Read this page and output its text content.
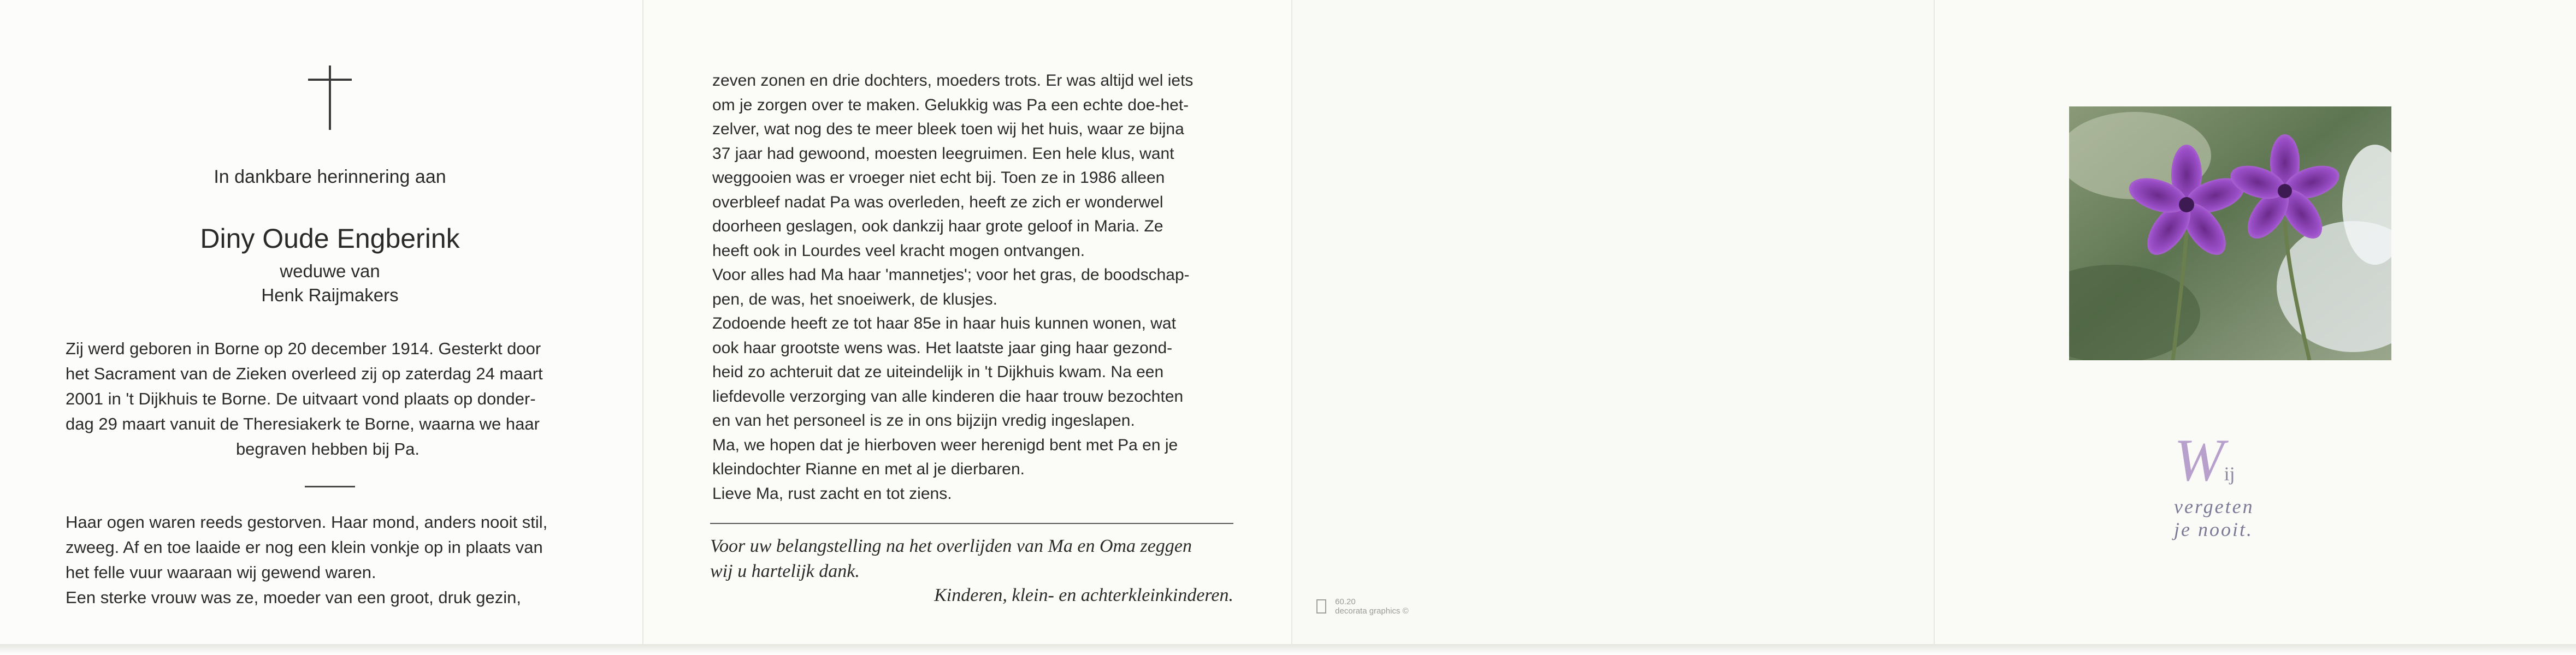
In dankbare herinnering aan
Diny Oude Engberink
weduwe van
Henk Raijmakers
Zij werd geboren in Borne op 20 december 1914. Gesterkt door
het Sacrament van de Zieken overleed zij op zaterdag 24 maart
2001 in 't Dijkhuis te Borne. De uitvaart vond plaats op donder-
dag 29 maart vanuit de Theresiakerk te Borne, waarna we haar
begraven hebben bij Pa.
Haar ogen waren reeds gestorven. Haar mond, anders nooit stil,
zweeg. Af en toe laaide er nog een klein vonkje op in plaats van
het felle vuur waaraan wij gewend waren.
Een sterke vrouw was ze, moeder van een groot, druk gezin,
zeven zonen en drie dochters, moeders trots. Er was altijd wel iets
om je zorgen over te maken. Gelukkig was Pa een echte doe-het-
zelver, wat nog des te meer bleek toen wij het huis, waar ze bijna
37 jaar had gewoond, moesten leegruimen. Een hele klus, want
weggooien was er vroeger niet echt bij. Toen ze in 1986 alleen
overbleef nadat Pa was overleden, heeft ze zich er wonderwel
doorheen geslagen, ook dankzij haar grote geloof in Maria. Ze
heeft ook in Lourdes veel kracht mogen ontvangen.
Voor alles had Ma haar 'mannetjes'; voor het gras, de boodschap-
pen, de was, het snoeiwerk, de klusjes.
Zodoende heeft ze tot haar 85e in haar huis kunnen wonen, wat
ook haar grootste wens was. Het laatste jaar ging haar gezond-
heid zo achteruit dat ze uiteindelijk in 't Dijkhuis kwam. Na een
liefdevolle verzorging van alle kinderen die haar trouw bezochten
en van het personeel is ze in ons bijzijn vredig ingeslapen.
Ma, we hopen dat je hierboven weer herenigd bent met Pa en je
kleindochter Rianne en met al je dierbaren.
Lieve Ma, rust zacht en tot ziens.
Voor uw belangstelling na het overlijden van Ma en Oma zeggen
wij u hartelijk dank.
Kinderen, klein- en achterkleinkinderen.
	60.20
decorata graphics ©
Wij
vergeten
je nooit.
